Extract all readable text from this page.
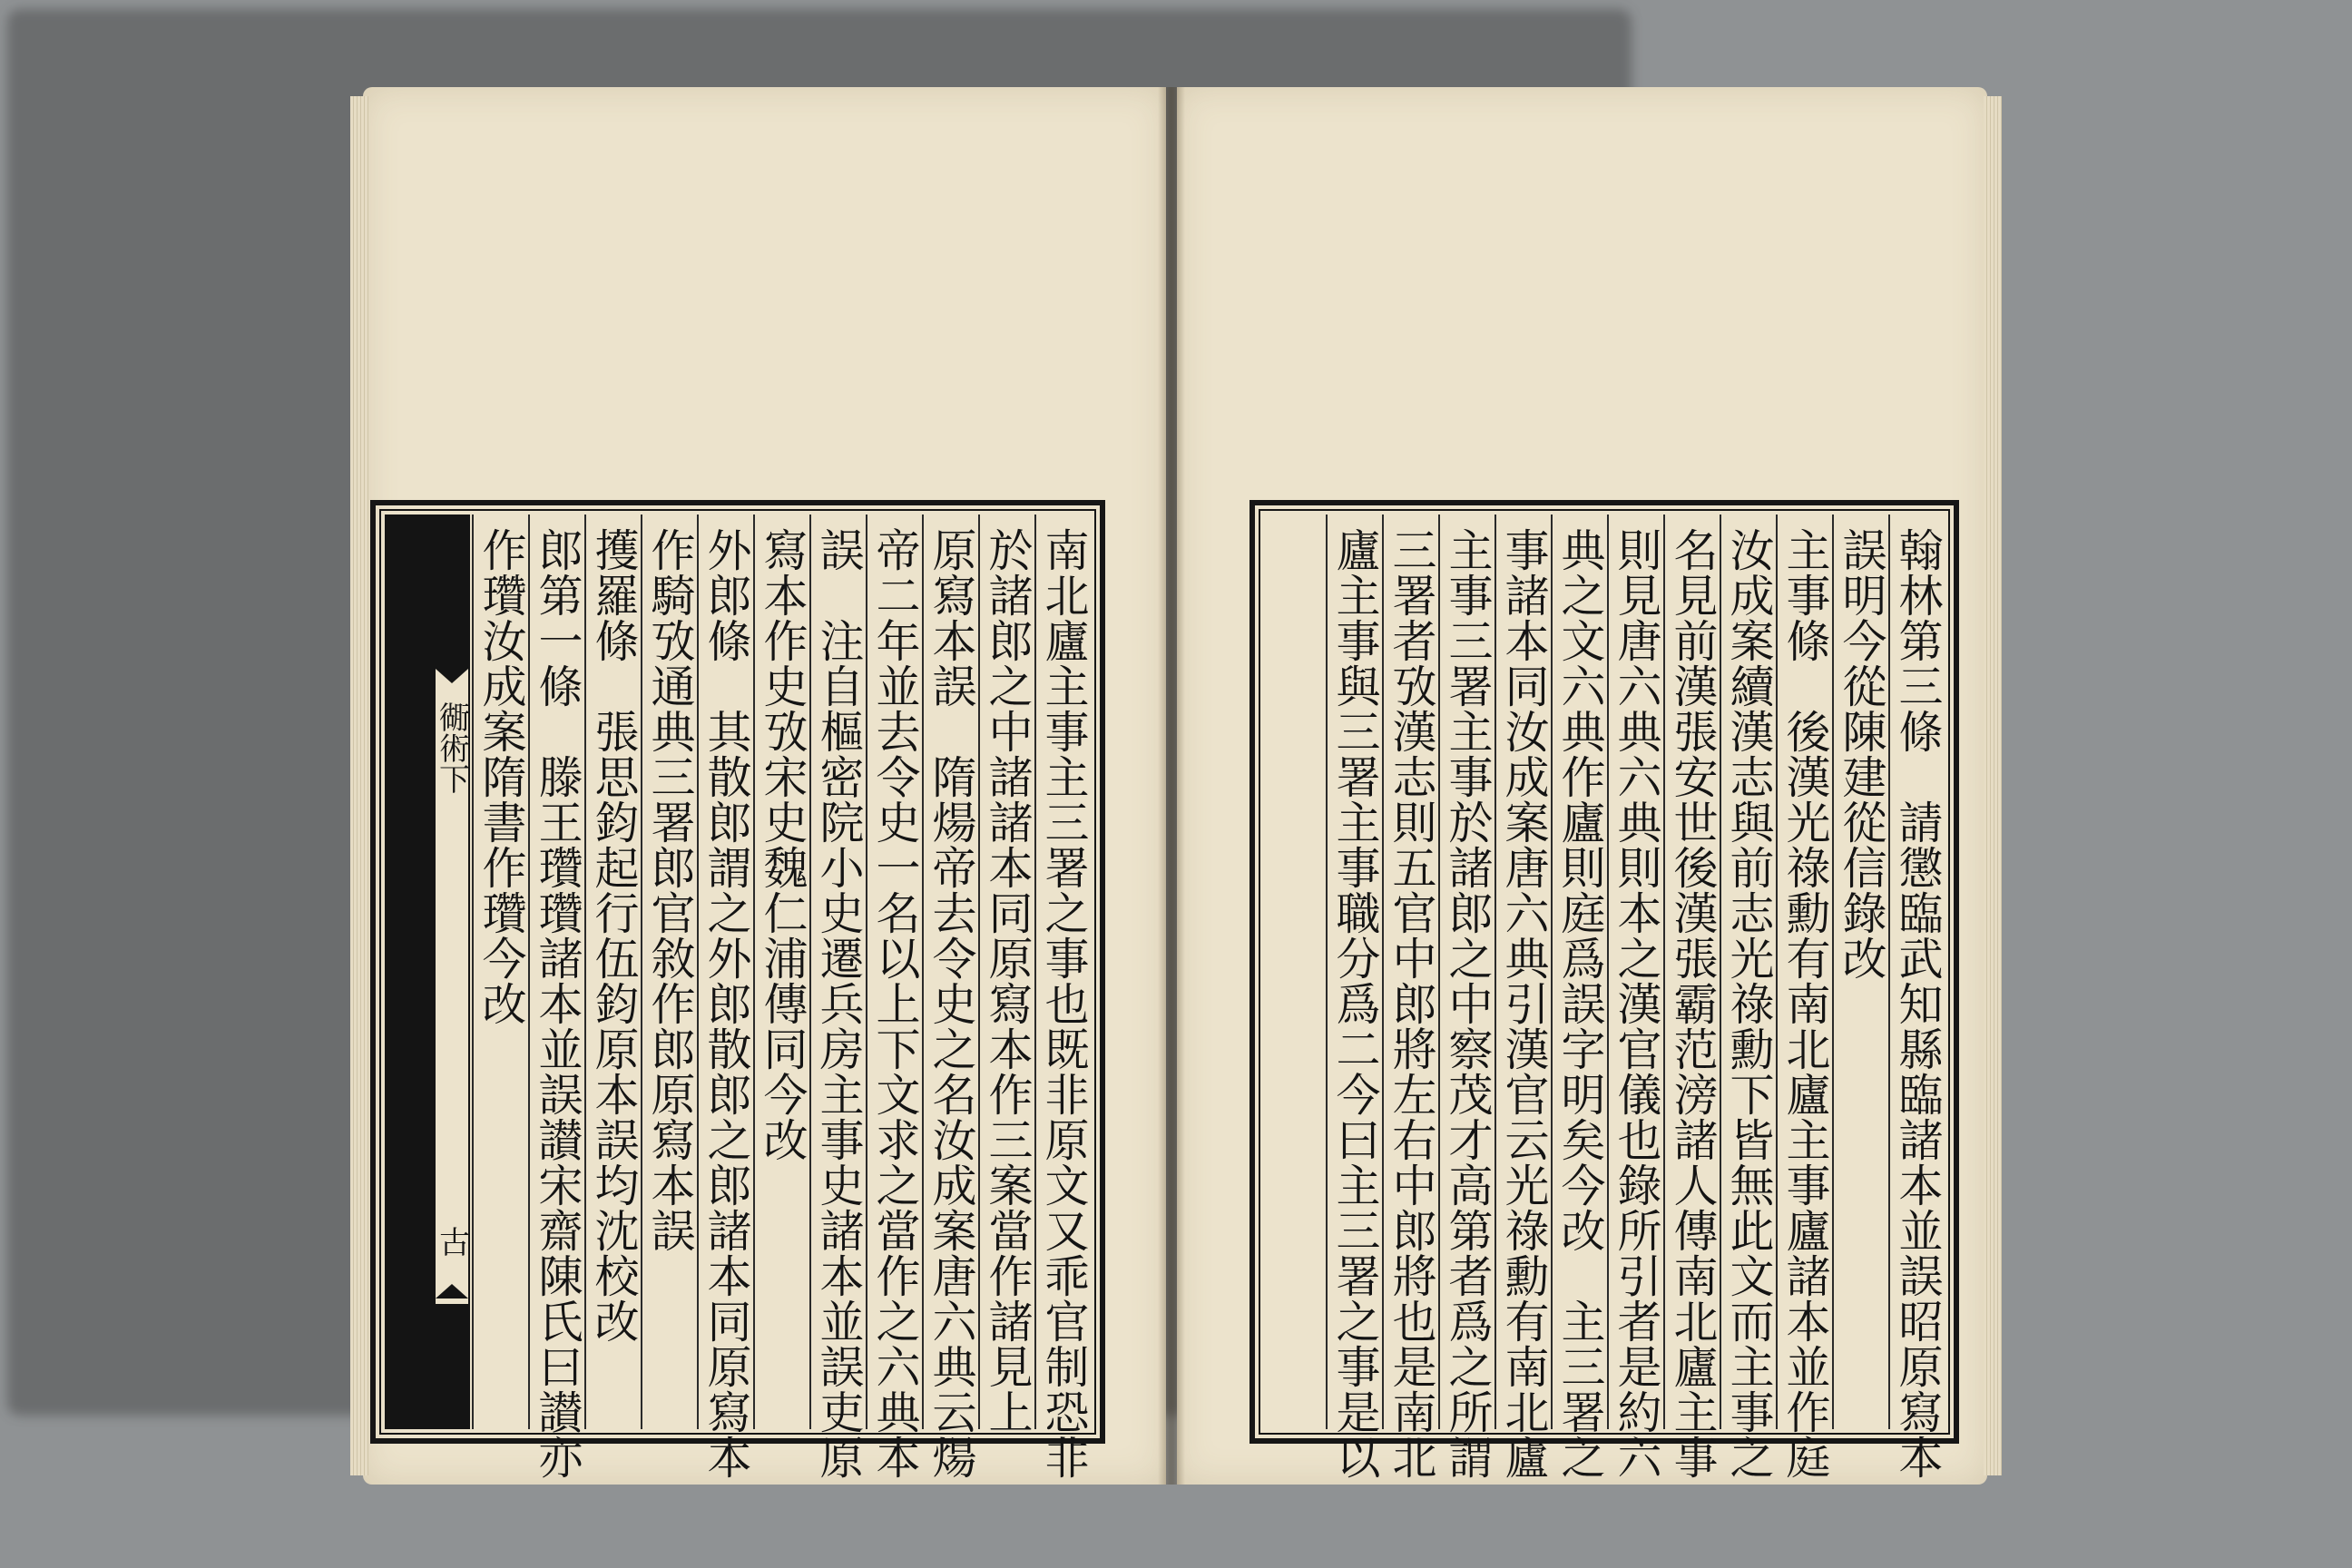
衚術下
古	南北廬主事主三署之事也既非原文又乖官制恐非
於諸郎之中諸諸本同原寫本作三案當作諸見上
原寫本誤　隋煬帝去令史之名汝成案唐六典云煬
帝二年並去令史一名以上下文求之當作之六典本
誤　注自樞密院小史遷兵房主事史諸本並誤吏原
寫本作史攷宋史魏仁浦傳同今改
外郎條　其散郎謂之外郎散郎之郎諸本同原寫本
作騎攷通典三署郎官敘作郎原寫本誤
擭羅條　張思鈞起行伍鈞原本誤均沈校改
郎第一條　滕王瓚瓚諸本並誤讃宋齋陳氏曰讃亦
作瓚汝成案隋書作瓚今改	翰林第三條　請懲臨武知縣臨諸本並誤昭原寫本
誤明今從陳建從信錄改
主事條　後漢光祿勳有南北廬主事廬諸本並作庭
汝成案續漢志與前志光祿勳下皆無此文而主事之
名見前漢張安世後漢張霸范滂諸人傳南北廬主事
則見唐六典六典則本之漢官儀也錄所引者是約六
典之文六典作廬則庭爲誤字明矣今改　主三署之
事諸本同汝成案唐六典引漢官云光祿勳有南北廬
主事三署主事於諸郎之中察茂才高第者爲之所謂
三署者攷漢志則五官中郎將左右中郎將也是南北
廬主事與三署主事職分爲二今曰主三署之事是以
